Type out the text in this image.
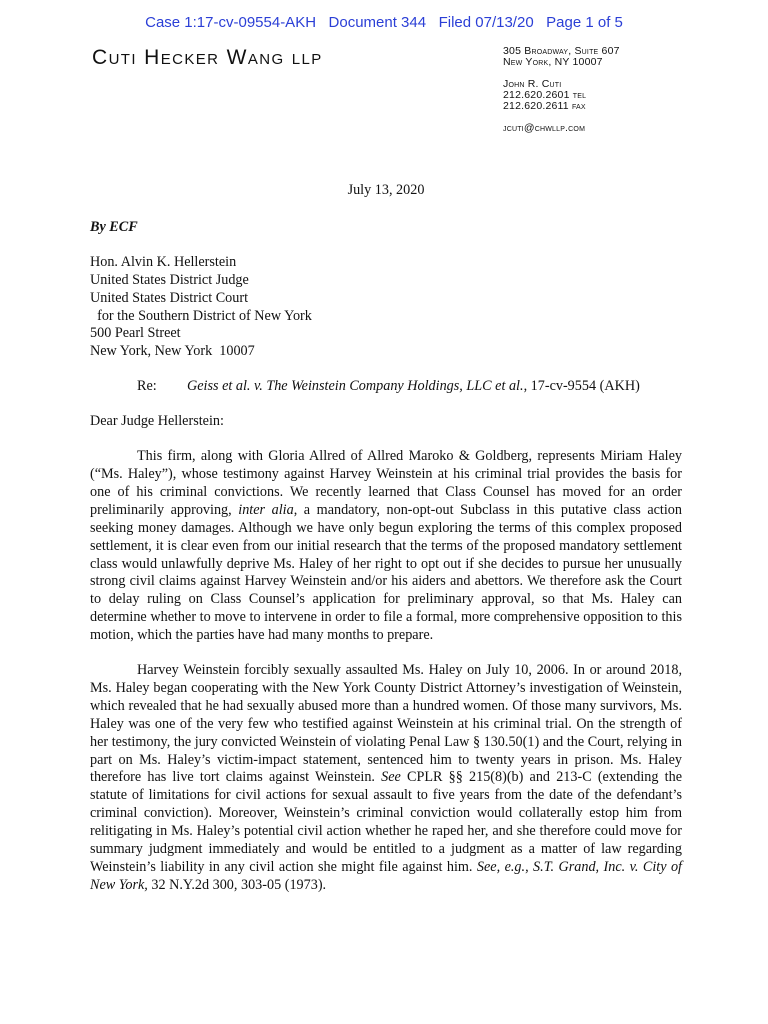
Case 1:17-cv-09554-AKH   Document 344   Filed 07/13/20   Page 1 of 5
Cuti Hecker Wang llp	305 Broadway, Suite 607
New York, NY 10007
John R. Cuti
212.620.2601 tel
212.620.2611 fax
jcuti@chwllp.com
July 13, 2020
By ECF
Hon. Alvin K. Hellerstein
United States District Judge
United States District Court
for the Southern District of New York
500 Pearl Street
New York, New York  10007
Re:	Geiss et al. v. The Weinstein Company Holdings, LLC et al., 17-cv-9554 (AKH)
Dear Judge Hellerstein:
This firm, along with Gloria Allred of Allred Maroko & Goldberg, represents Miriam Haley (“Ms. Haley”), whose testimony against Harvey Weinstein at his criminal trial provides the basis for one of his criminal convictions. We recently learned that Class Counsel has moved for an order preliminarily approving, inter alia, a mandatory, non-opt-out Subclass in this putative class action seeking money damages. Although we have only begun exploring the terms of this complex proposed settlement, it is clear even from our initial research that the terms of the proposed mandatory settlement class would unlawfully deprive Ms. Haley of her right to opt out if she decides to pursue her unusually strong civil claims against Harvey Weinstein and/or his aiders and abettors. We therefore ask the Court to delay ruling on Class Counsel’s application for preliminary approval, so that Ms. Haley can determine whether to move to intervene in order to file a formal, more comprehensive opposition to this motion, which the parties have had many months to prepare.
Harvey Weinstein forcibly sexually assaulted Ms. Haley on July 10, 2006. In or around 2018, Ms. Haley began cooperating with the New York County District Attorney’s investigation of Weinstein, which revealed that he had sexually abused more than a hundred women. Of those many survivors, Ms. Haley was one of the very few who testified against Weinstein at his criminal trial. On the strength of her testimony, the jury convicted Weinstein of violating Penal Law § 130.50(1) and the Court, relying in part on Ms. Haley’s victim-impact statement, sentenced him to twenty years in prison. Ms. Haley therefore has live tort claims against Weinstein. See CPLR §§ 215(8)(b) and 213-C (extending the statute of limitations for civil actions for sexual assault to five years from the date of the defendant’s criminal conviction). Moreover, Weinstein’s criminal conviction would collaterally estop him from relitigating in Ms. Haley’s potential civil action whether he raped her, and she therefore could move for summary judgment immediately and would be entitled to a judgment as a matter of law regarding Weinstein’s liability in any civil action she might file against him. See, e.g., S.T. Grand, Inc. v. City of New York, 32 N.Y.2d 300, 303-05 (1973).
